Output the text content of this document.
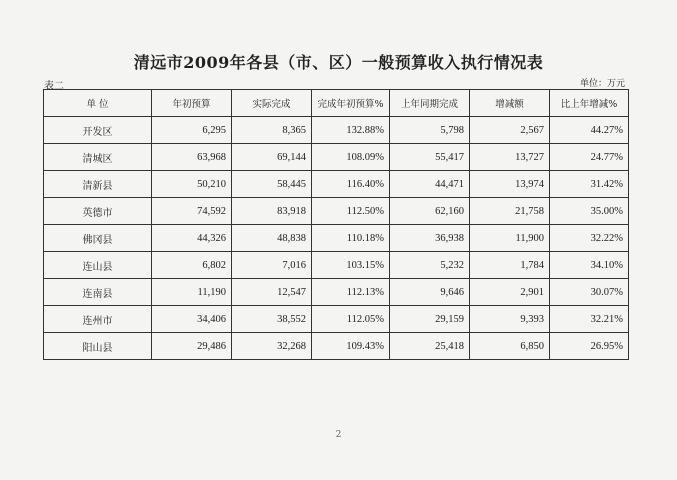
清远市2009年各县（市、区）一般预算收入执行情况表
表二	单位：万元
单 位	年初预算	实际完成	完成年初预算%	上年同期完成	增减额	比上年增减%
开发区	6,295	8,365	132.88%	5,798	2,567	44.27%
清城区	63,968	69,144	108.09%	55,417	13,727	24.77%
清新县	50,210	58,445	116.40%	44,471	13,974	31.42%
英德市	74,592	83,918	112.50%	62,160	21,758	35.00%
佛冈县	44,326	48,838	110.18%	36,938	11,900	32.22%
连山县	6,802	7,016	103.15%	5,232	1,784	34.10%
连南县	11,190	12,547	112.13%	9,646	2,901	30.07%
连州市	34,406	38,552	112.05%	29,159	9,393	32.21%
阳山县	29,486	32,268	109.43%	25,418	6,850	26.95%
2
